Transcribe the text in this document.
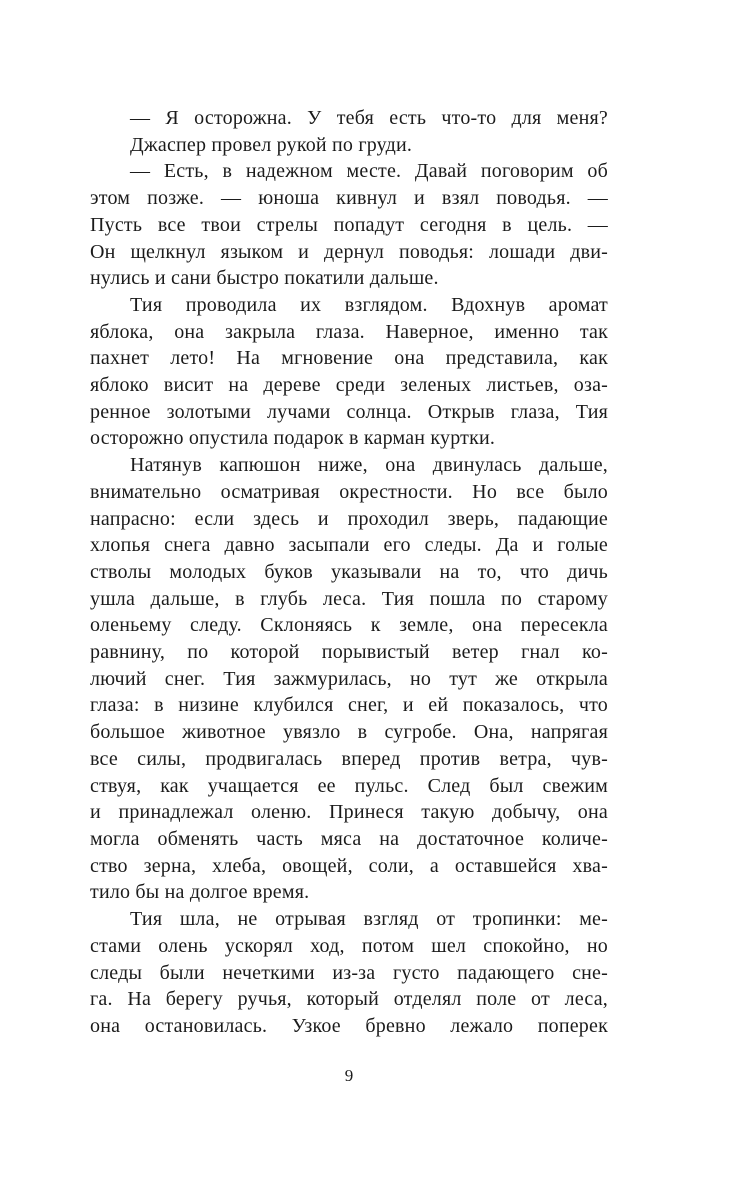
— Я осторожна. У тебя есть что-то для меня?
Джаспер провел рукой по груди.
— Есть, в надежном месте. Давай поговорим об
этом позже. — юноша кивнул и взял поводья. —
Пусть все твои стрелы попадут сегодня в цель. —
Он щелкнул языком и дернул поводья: лошади дви-
нулись и сани быстро покатили дальше.
Тия проводила их взглядом. Вдохнув аромат
яблока, она закрыла глаза. Наверное, именно так
пахнет лето! На мгновение она представила, как
яблоко висит на дереве среди зеленых листьев, оза-
ренное золотыми лучами солнца. Открыв глаза, Тия
осторожно опустила подарок в карман куртки.
Натянув капюшон ниже, она двинулась дальше,
внимательно осматривая окрестности. Но все было
напрасно: если здесь и проходил зверь, падающие
хлопья снега давно засыпали его следы. Да и голые
стволы молодых буков указывали на то, что дичь
ушла дальше, в глубь леса. Тия пошла по старому
оленьему следу. Склоняясь к земле, она пересекла
равнину, по которой порывистый ветер гнал ко-
лючий снег. Тия зажмурилась, но тут же открыла
глаза: в низине клубился снег, и ей показалось, что
большое животное увязло в сугробе. Она, напрягая
все силы, продвигалась вперед против ветра, чув-
ствуя, как учащается ее пульс. След был свежим
и принадлежал оленю. Принеся такую добычу, она
могла обменять часть мяса на достаточное количе-
ство зерна, хлеба, овощей, соли, а оставшейся хва-
тило бы на долгое время.
Тия шла, не отрывая взгляд от тропинки: ме-
стами олень ускорял ход, потом шел спокойно, но
следы были нечеткими из-за густо падающего сне-
га. На берегу ручья, который отделял поле от леса,
она остановилась. Узкое бревно лежало поперек
9
